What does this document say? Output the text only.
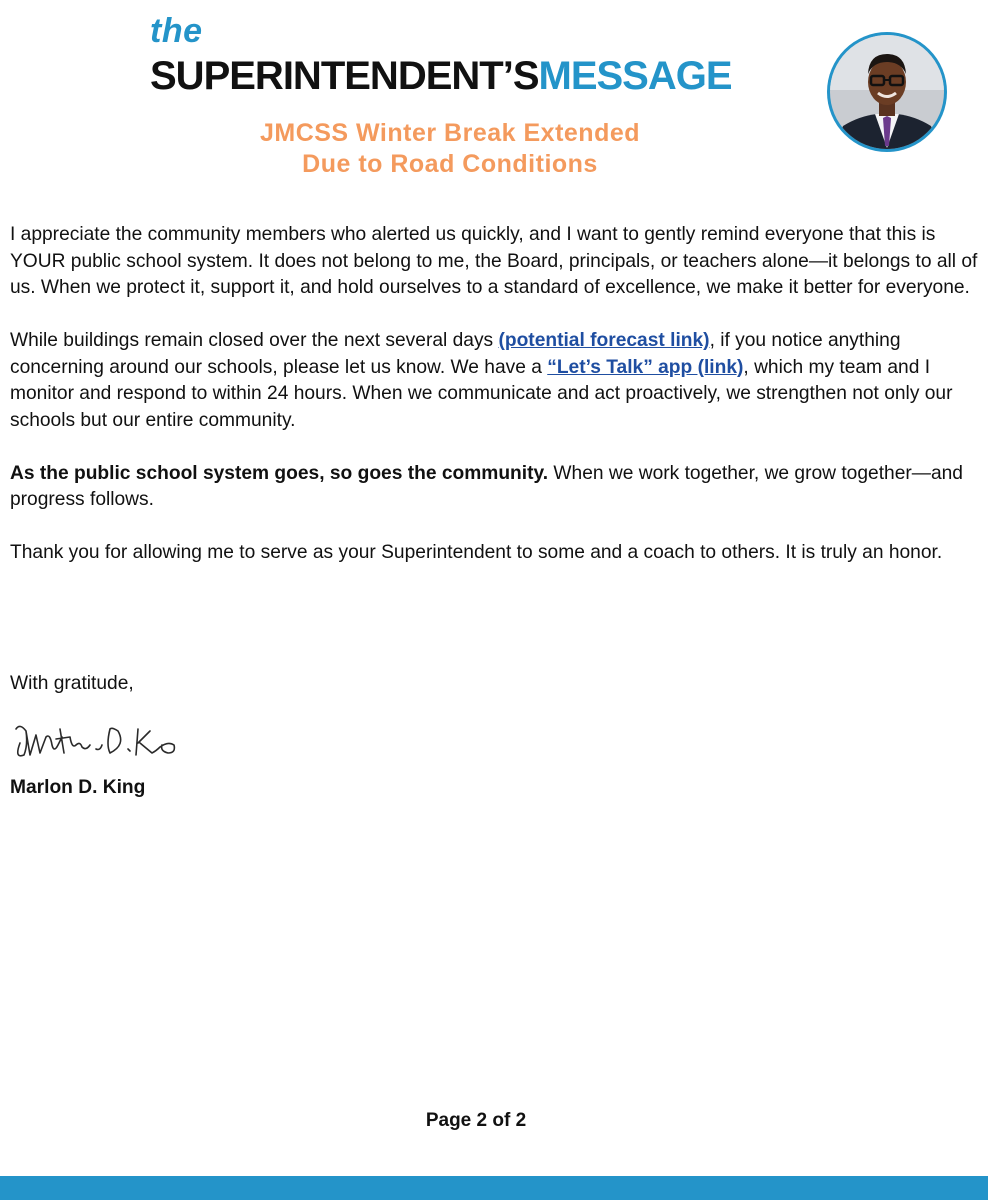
the
SUPERINTENDENT’SMESSAGE
JMCSS Winter Break Extended
Due to Road Conditions

I appreciate the community members who alerted us quickly, and I want to gently remind everyone that this is YOUR public school system. It does not belong to me, the Board, principals, or teachers alone—it belongs to all of us. When we protect it, support it, and hold ourselves to a standard of excellence, we make it better for everyone.

While buildings remain closed over the next several days (potential forecast link), if you notice anything concerning around our schools, please let us know. We have a “Let’s Talk” app (link), which my team and I monitor and respond to within 24 hours. When we communicate and act proactively, we strengthen not only our schools but our entire community.

As the public school system goes, so goes the community. When we work together, we grow together—and progress follows.

Thank you for allowing me to serve as your Superintendent to some and a coach to others. It is truly an honor.

With gratitude,
Marlon D. King
Page 2 of 2
